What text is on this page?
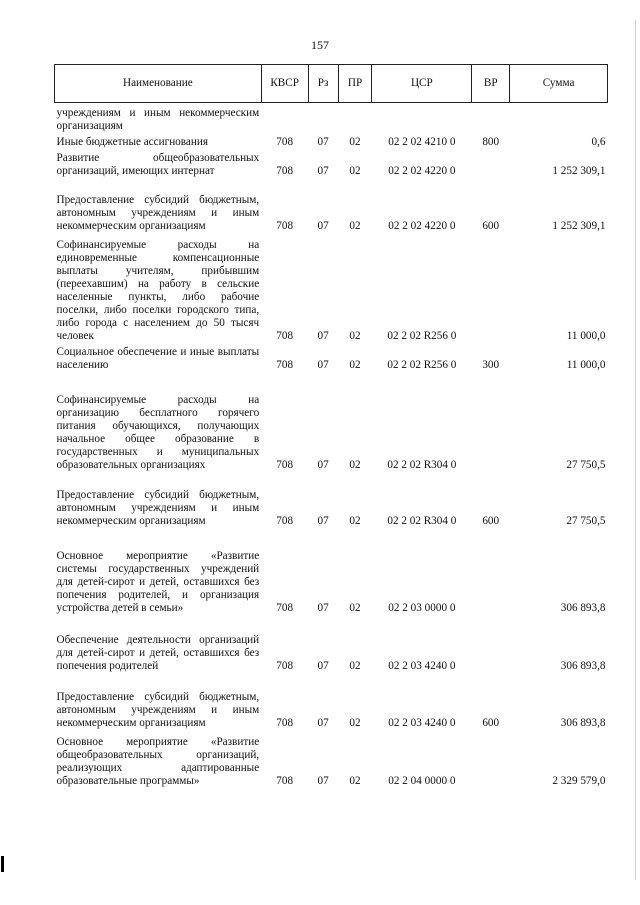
157
Наименование	КВСР	Рз	ПР	ЦСР	ВР	Сумма
учреждениям и иным некоммерческим организациям						
Иные бюджетные ассигнования	708	07	02	02 2 02 4210 0	800	0,6
Развитие общеобразовательных организаций, имеющих интернат	708	07	02	02 2 02 4220 0		1 252 309,1
Предоставление субсидий бюджетным, автономным учреждениям и иным некоммерческим организациям	708	07	02	02 2 02 4220 0	600	1 252 309,1
Софинансируемые расходы на единовременные компенсационные выплаты учителям, прибывшим (переехавшим) на работу в сельские населенные пункты, либо рабочие поселки, либо поселки городского типа, либо города с населением до 50 тысяч человек	708	07	02	02 2 02 R256 0		11 000,0
Социальное обеспечение и иные выплаты населению	708	07	02	02 2 02 R256 0	300	11 000,0
Софинансируемые расходы на организацию бесплатного горячего питания обучающихся, получающих начальное общее образование в государственных и муниципальных образовательных организациях	708	07	02	02 2 02 R304 0		27 750,5
Предоставление субсидий бюджетным, автономным учреждениям и иным некоммерческим организациям	708	07	02	02 2 02 R304 0	600	27 750,5
Основное мероприятие «Развитие системы государственных учреждений для детей-сирот и детей, оставшихся без попечения родителей, и организация устройства детей в семьи»	708	07	02	02 2 03 0000 0		306 893,8
Обеспечение деятельности организаций для детей-сирот и детей, оставшихся без попечения родителей	708	07	02	02 2 03 4240 0		306 893,8
Предоставление субсидий бюджетным, автономным учреждениям и иным некоммерческим организациям	708	07	02	02 2 03 4240 0	600	306 893,8
Основное мероприятие «Развитие общеобразовательных организаций, реализующих адаптированные образовательные программы»	708	07	02	02 2 04 0000 0		2 329 579,0
